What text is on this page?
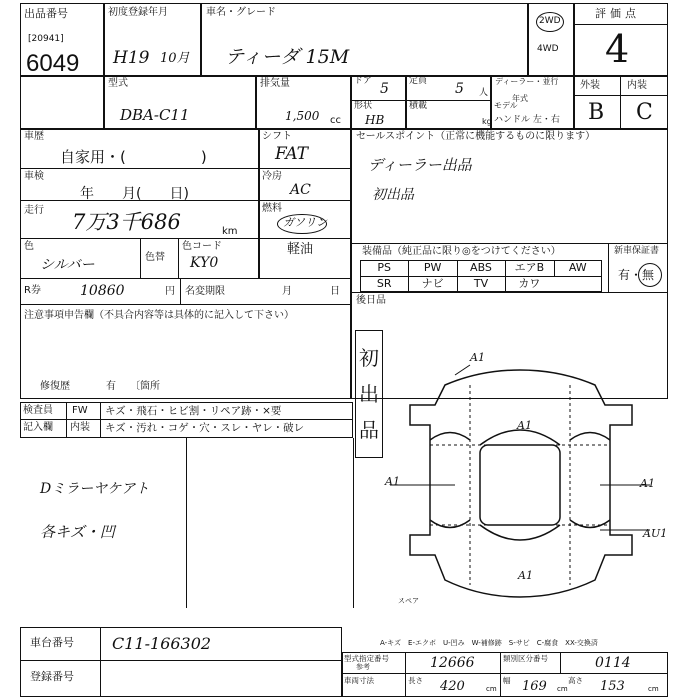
出品番号
[20941]
6049
初度登録年月
H19 10月
車名・グレード
ティーダ 15M
2WD
4WD
評価点
4
型式
DBA-C11
排気量
1,500 cc
ドア 5 定員 5 人
ディーラー・並行
年式
モデル
ハンドル 左・右
形状
HB
積載
kg
外装	内装
B C
車歴
自家用・(　　　　　)
シフト
FAT
車検
年　　月(　　日)
冷房
AC
走行 7万3千686	km
燃料
ガソリン
軽油
色
シルバー	色替
色コード
KY0
R券	10860	円 名変期限	月	日
注意事項申告欄（不具合内容等は具体的に記入して下さい）
修復歴	有 〔箇所
検査員
記入欄
FW キズ・飛石・ヒビ割・リペア跡・×要
内装 キズ・汚れ・コゲ・穴・スレ・ヤレ・破レ
Dミラーヤケアト
各キズ・凹
セールスポイント（正常に機能するものに限ります）
ディーラー出品
初出品
装備品（純正品に限り◎をつけてください）	新車保証書
有・無
PS	PW	ABS	エアB	AW
SR	ナビ	TV	カワ
後日品
初
出
品
A1
A1
A1	A1
AU1
A1
スペア
車台番号 C11-166302
登録番号
A-キズ　E-エクボ　U-凹み　W-補修跡　S-サビ　C-腐食　XX-交換済
型式指定番号
参考	12666	類別区分番号	0114
車両寸法	長さ 420	cm
幅 169 cm
高さ 153	cm
